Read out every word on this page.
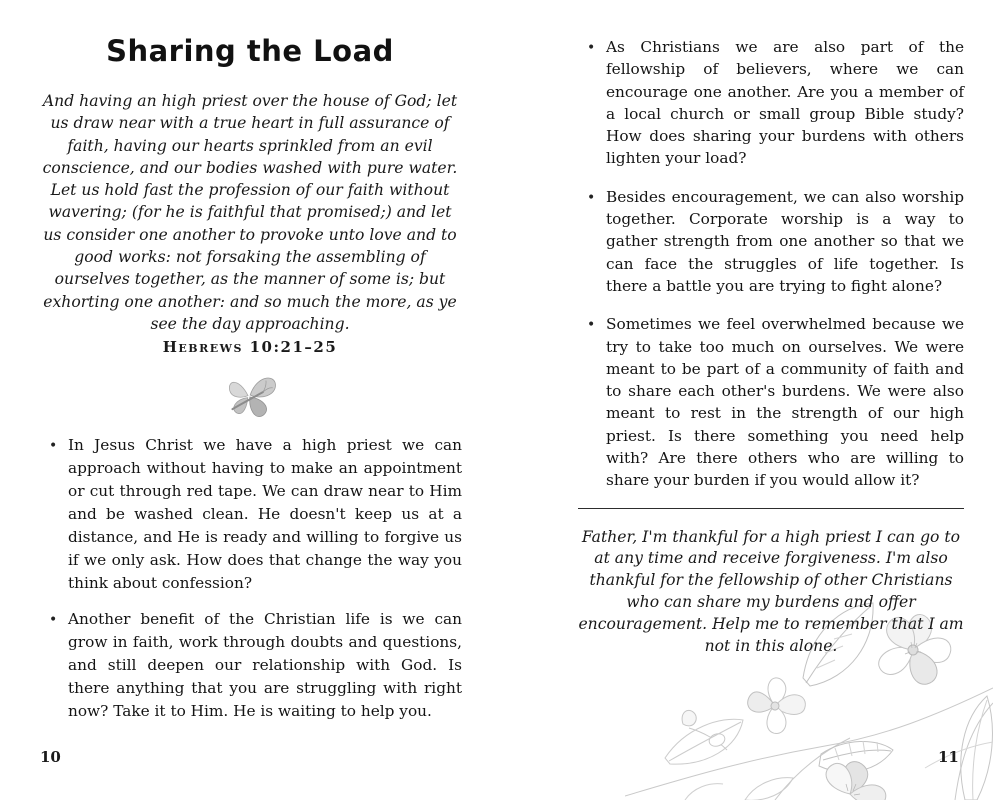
Sharing the Load

And having an high priest over the house of God; let us draw near with a true heart in full assurance of faith, having our hearts sprinkled from an evil conscience, and our bodies washed with pure water. Let us hold fast the profession of our faith without wavering; (for he is faithful that promised;) and let us consider one another to provoke unto love and to good works: not forsaking the assembling of ourselves together, as the manner of some is; but exhorting one another: and so much the more, as ye see the day approaching.

Hebrews 10:21–25

• In Jesus Christ we have a high priest we can approach without having to make an appointment or cut through red tape. We can draw near to Him and be washed clean. He doesn't keep us at a distance, and He is ready and willing to forgive us if we only ask. How does that change the way you think about confession?
• Another benefit of the Christian life is we can grow in faith, work through doubts and questions, and still deepen our relationship with God. Is there anything that you are struggling with right now? Take it to Him. He is waiting to help you.
• As Christians we are also part of the fellowship of believers, where we can encourage one another. Are you a member of a local church or small group Bible study? How does sharing your burdens with others lighten your load?
• Besides encouragement, we can also worship together. Corporate worship is a way to gather strength from one another so that we can face the struggles of life together. Is there a battle you are trying to fight alone?
• Sometimes we feel overwhelmed because we try to take too much on ourselves. We were meant to be part of a community of faith and to share each other's burdens. We were also meant to rest in the strength of our high priest. Is there something you need help with? Are there others who are willing to share your burden if you would allow it?

Father, I'm thankful for a high priest I can go to at any time and receive forgiveness. I'm also thankful for the fellowship of other Christians who can share my burdens and offer encouragement. Help me to remember that I am not in this alone.

10	11
